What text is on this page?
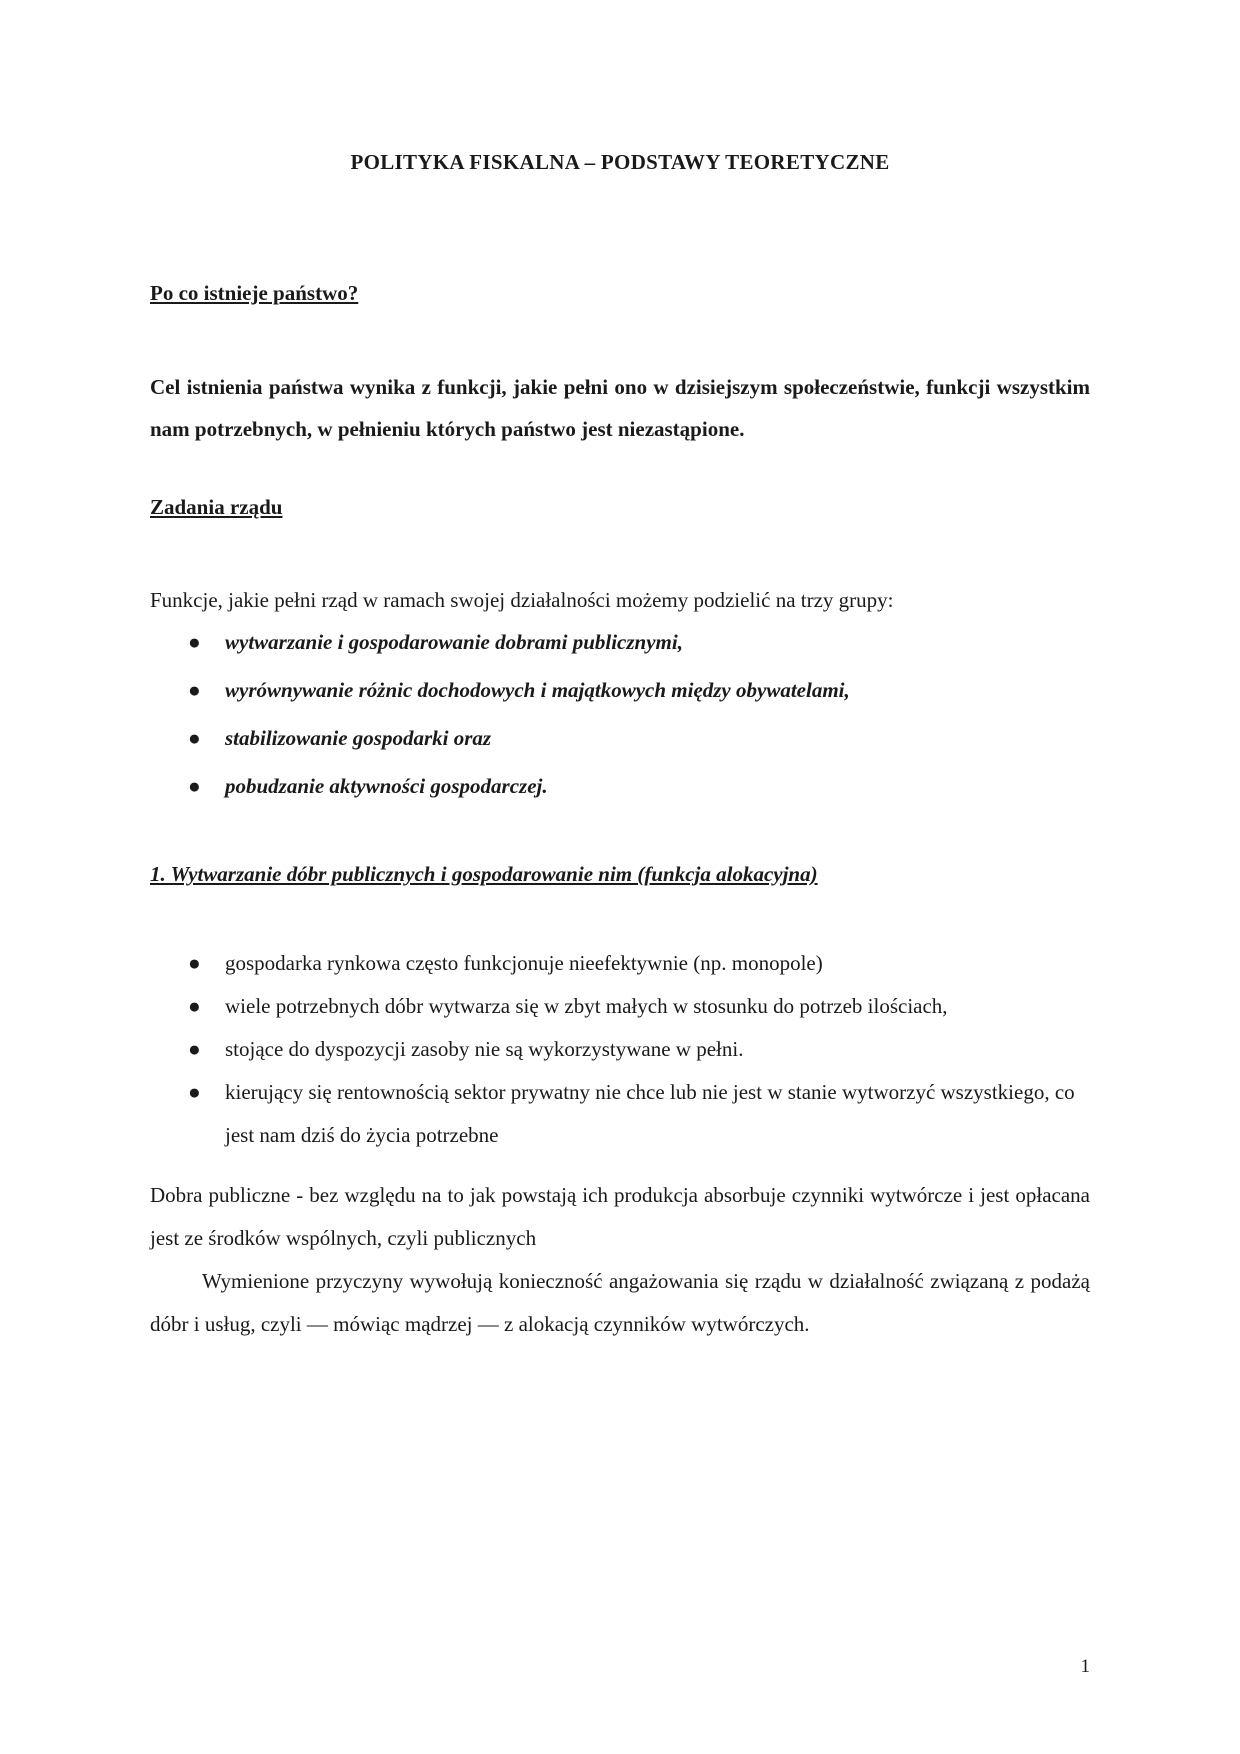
POLITYKA FISKALNA – PODSTAWY TEORETYCZNE
Po co istnieje państwo?

Cel istnienia państwa wynika z funkcji, jakie pełni ono w dzisiejszym społeczeństwie, funkcji wszystkim nam potrzebnych, w pełnieniu których państwo jest niezastąpione.

Zadania rządu

Funkcje, jakie pełni rząd w ramach swojej działalności możemy podzielić na trzy grupy:

● wytwarzanie i gospodarowanie dobrami publicznymi,
● wyrównywanie różnic dochodowych i majątkowych między obywatelami,
● stabilizowanie gospodarki oraz
● pobudzanie aktywności gospodarczej.
1. Wytwarzanie dóbr publicznych i gospodarowanie nim (funkcja alokacyjna)
● gospodarka rynkowa często funkcjonuje nieefektywnie (np. monopole)
● wiele potrzebnych dóbr wytwarza się w zbyt małych w stosunku do potrzeb ilościach,
● stojące do dyspozycji zasoby nie są wykorzystywane w pełni.
● kierujący się rentownością sektor prywatny nie chce lub nie jest w stanie wytworzyć wszystkiego, co jest nam dziś do życia potrzebne

Dobra publiczne - bez względu na to jak powstają ich produkcja absorbuje czynniki wytwórcze i jest opłacana jest ze środków wspólnych, czyli publicznych

Wymienione przyczyny wywołują konieczność angażowania się rządu w działalność związaną z podażą dóbr i usług, czyli — mówiąc mądrzej — z alokacją czynników wytwórczych.

1
